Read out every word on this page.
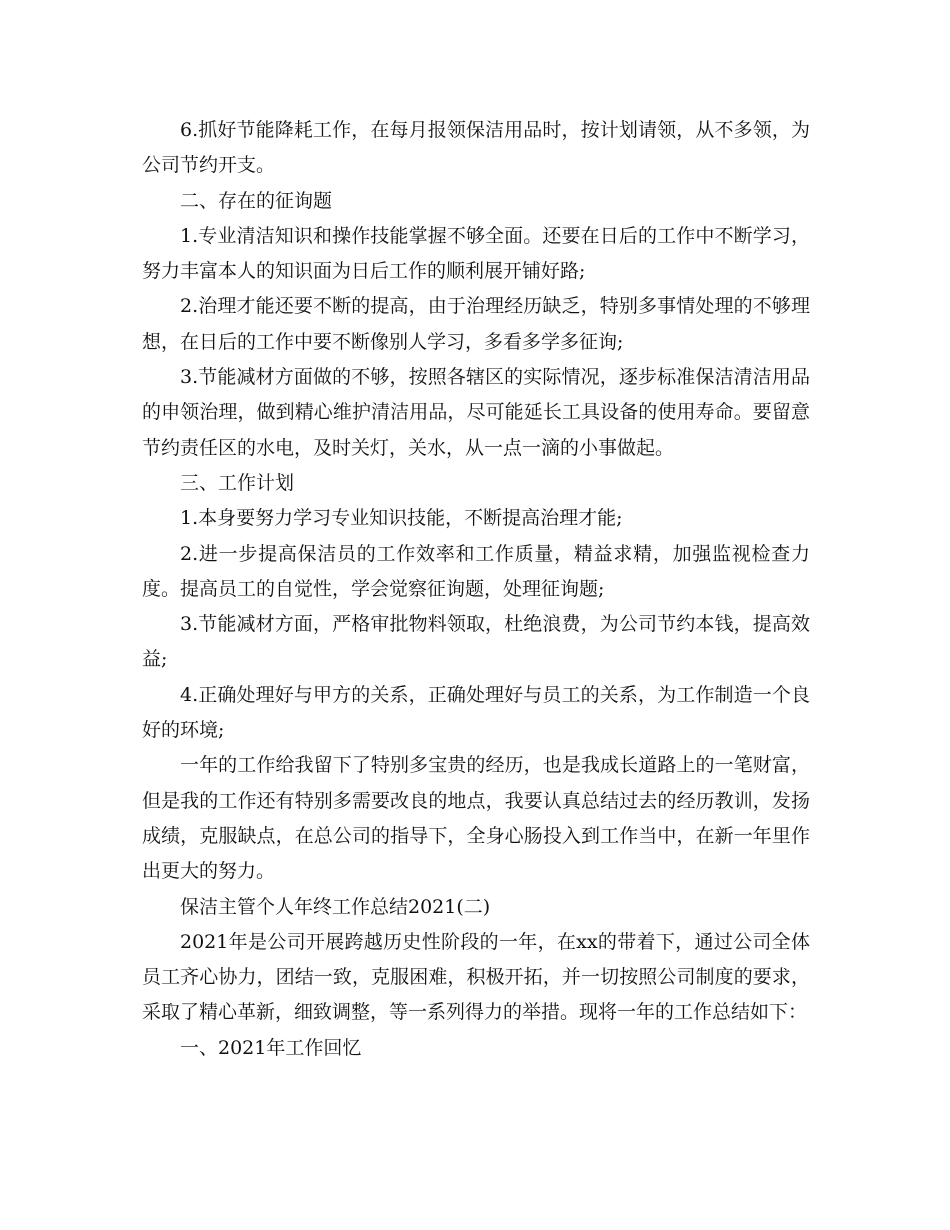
6.抓好节能降耗工作，在每月报领保洁用品时，按计划请领，从不多领，为公司节约开支。

二、存在的征询题

1.专业清洁知识和操作技能掌握不够全面。还要在日后的工作中不断学习，努力丰富本人的知识面为日后工作的顺利展开铺好路;

2.治理才能还要不断的提高，由于治理经历缺乏，特别多事情处理的不够理想，在日后的工作中要不断像别人学习，多看多学多征询;

3.节能减材方面做的不够，按照各辖区的实际情况，逐步标准保洁清洁用品的申领治理，做到精心维护清洁用品，尽可能延长工具设备的使用寿命。要留意节约责任区的水电，及时关灯，关水，从一点一滴的小事做起。

三、工作计划

1.本身要努力学习专业知识技能，不断提高治理才能;

2.进一步提高保洁员的工作效率和工作质量，精益求精，加强监视检查力度。提高员工的自觉性，学会觉察征询题，处理征询题;

3.节能减材方面，严格审批物料领取，杜绝浪费，为公司节约本钱，提高效益;

4.正确处理好与甲方的关系，正确处理好与员工的关系，为工作制造一个良好的环境;

一年的工作给我留下了特别多宝贵的经历，也是我成长道路上的一笔财富，但是我的工作还有特别多需要改良的地点，我要认真总结过去的经历教训，发扬成绩，克服缺点，在总公司的指导下，全身心肠投入到工作当中，在新一年里作出更大的努力。

保洁主管个人年终工作总结2021(二)

2021年是公司开展跨越历史性阶段的一年，在xx的带着下，通过公司全体员工齐心协力，团结一致，克服困难，积极开拓，并一切按照公司制度的要求，采取了精心革新，细致调整，等一系列得力的举措。现将一年的工作总结如下：

一、2021年工作回忆
